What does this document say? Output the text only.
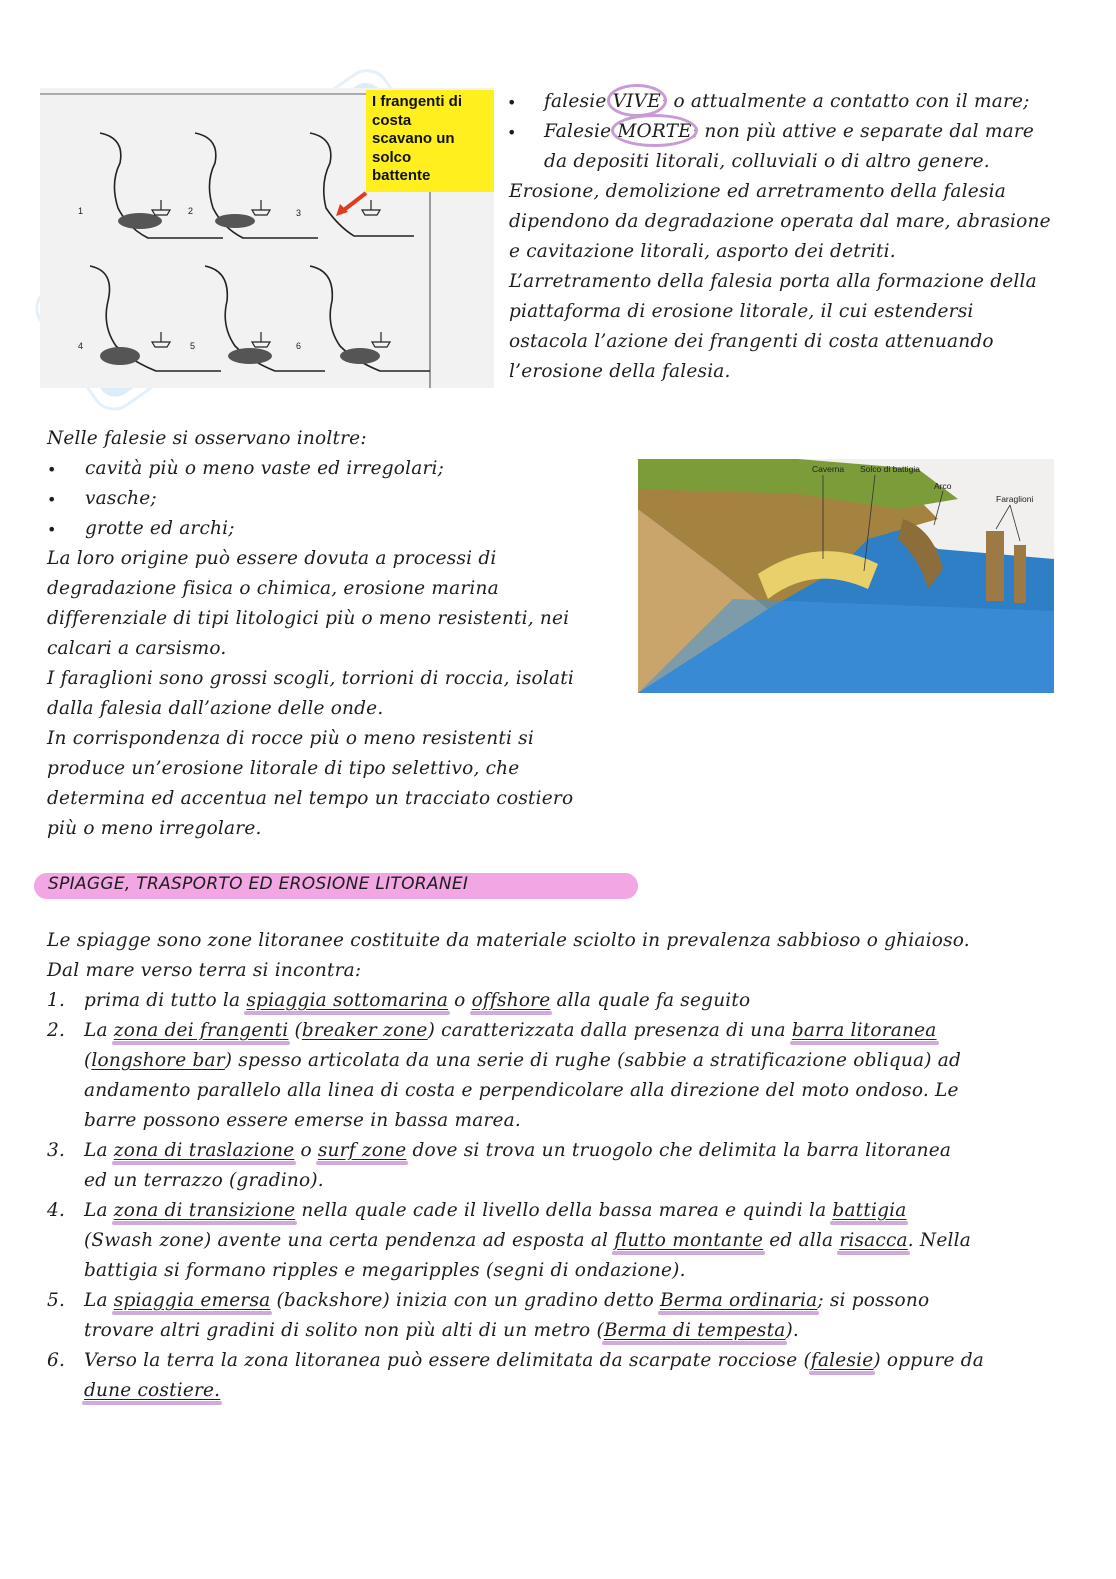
I frangenti di
costa
scavano un
solco
battente
1	2	3
4	5	6
• falesie VIVE: o attualmente a contatto con il mare;
• Falesie MORTE: non più attive e separate dal mare
da depositi litorali, colluviali o di altro genere.
Erosione, demolizione ed arretramento della falesia
dipendono da degradazione operata dal mare, abrasione
e cavitazione litorali, asporto dei detriti.
L’arretramento della falesia porta alla formazione della
piattaforma di erosione litorale, il cui estendersi
ostacola l’azione dei frangenti di costa attenuando
l’erosione della falesia.
Nelle falesie si osservano inoltre:
• cavità più o meno vaste ed irregolari;
• vasche;
• grotte ed archi;
La loro origine può essere dovuta a processi di
degradazione fisica o chimica, erosione marina
differenziale di tipi litologici più o meno resistenti, nei
calcari a carsismo.
I faraglioni sono grossi scogli, torrioni di roccia, isolati
dalla falesia dall’azione delle onde.
In corrispondenza di rocce più o meno resistenti si
produce un’erosione litorale di tipo selettivo, che
determina ed accentua nel tempo un tracciato costiero
più o meno irregolare.
Caverna Solco di battigia
Arco
Faraglioni
SPIAGGE, TRASPORTO ED EROSIONE LITORANEI
Le spiagge sono zone litoranee costituite da materiale sciolto in prevalenza sabbioso o ghiaioso.
Dal mare verso terra si incontra:
1. prima di tutto la spiaggia sottomarina o offshore alla quale fa seguito
2. La zona dei frangenti (breaker zone) caratterizzata dalla presenza di una barra litoranea
(longshore bar) spesso articolata da una serie di rughe (sabbie a stratificazione obliqua) ad
andamento parallelo alla linea di costa e perpendicolare alla direzione del moto ondoso. Le
barre possono essere emerse in bassa marea.
3. La zona di traslazione o surf zone dove si trova un truogolo che delimita la barra litoranea
ed un terrazzo (gradino).
4. La zona di transizione nella quale cade il livello della bassa marea e quindi la battigia
(Swash zone) avente una certa pendenza ad esposta al flutto montante ed alla risacca. Nella
battigia si formano ripples e megaripples (segni di ondazione).
5. La spiaggia emersa (backshore) inizia con un gradino detto Berma ordinaria; si possono
trovare altri gradini di solito non più alti di un metro (Berma di tempesta).
6. Verso la terra la zona litoranea può essere delimitata da scarpate rocciose (falesie) oppure da
dune costiere.
